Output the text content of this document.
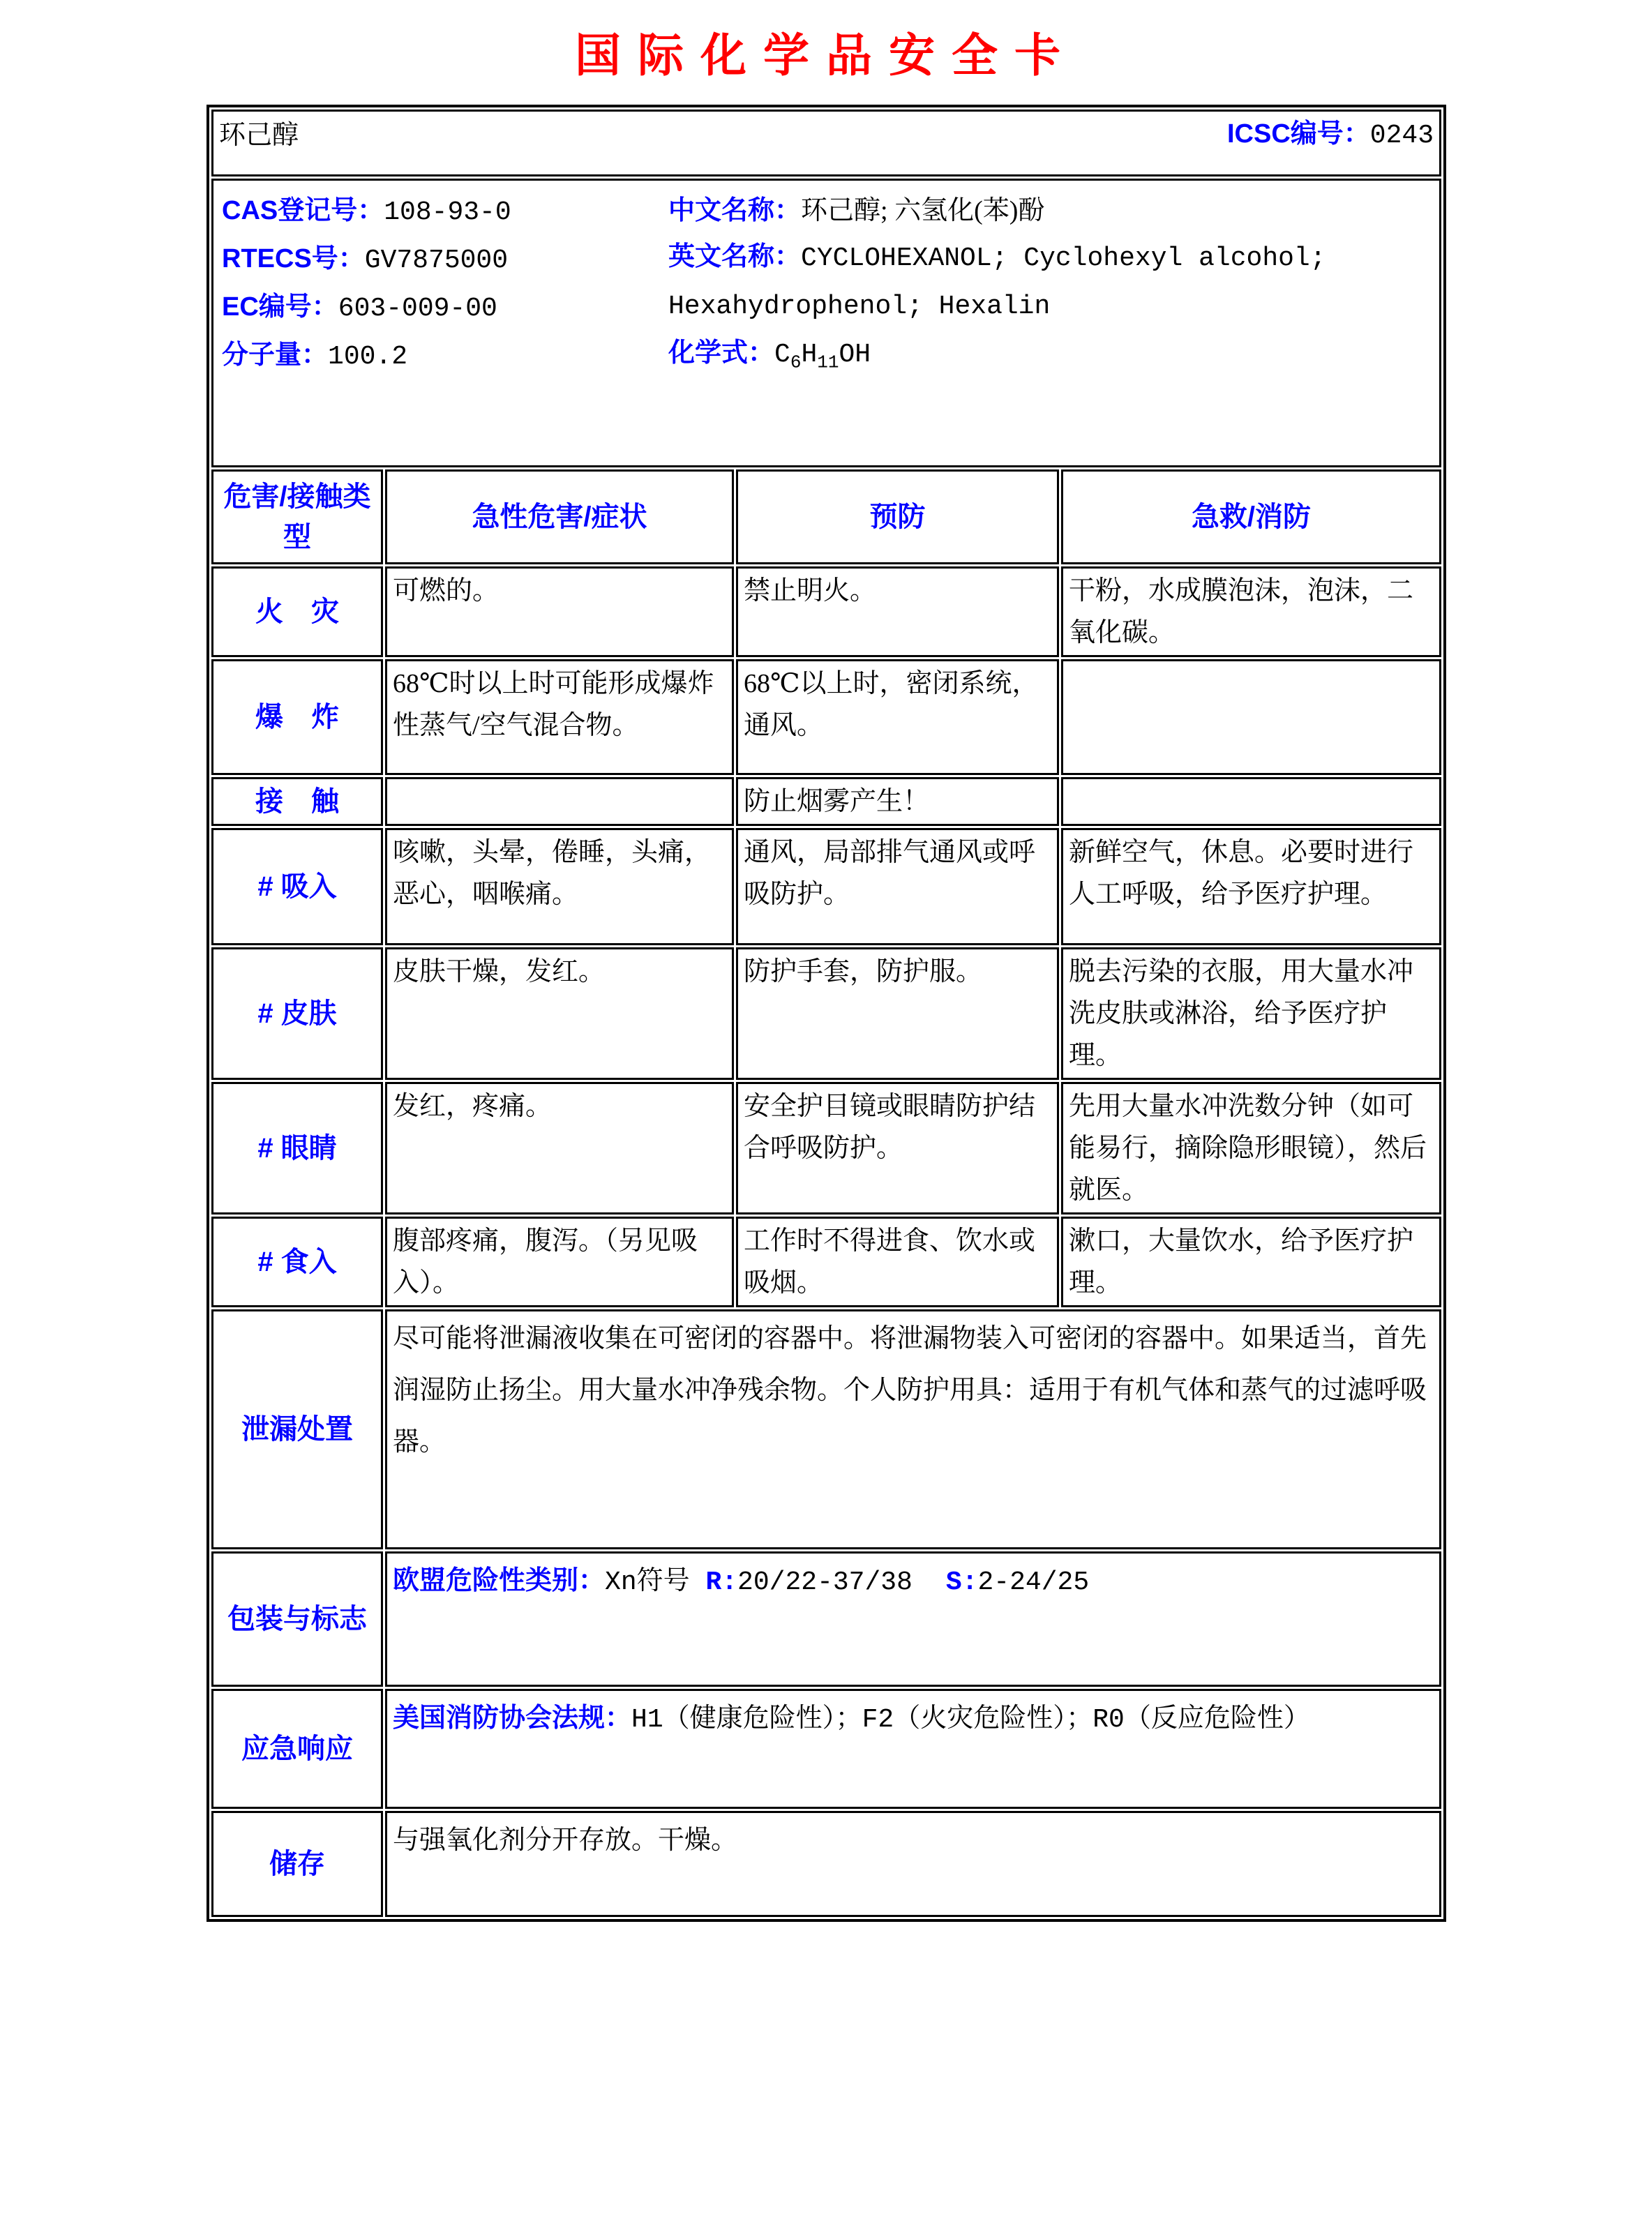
国际化学品安全卡
环己醇 ICSC编号：0243			

CAS登记号：108-93-0

RTECS号：GV7875000

EC编号：603-009-00

分子量：100.2

中文名称：环己醇; 六氢化(苯)酚

英文名称：CYCLOHEXANOL; Cyclohexyl alcohol; Hexahydrophenol; Hexalin

化学式：$C_6H_{11}OH$

危害/接触类型	急性危害/症状	预防	急救/消防
火　灾	可燃的。	禁止明火。	干粉，水成膜泡沫，泡沫，二氧化碳。
爆　炸	68℃时以上时可能形成爆炸性蒸气/空气混合物。	68℃以上时，密闭系统，通风。	
接　触		防止烟雾产生！	
# 吸入	咳嗽，头晕，倦睡，头痛，恶心，咽喉痛。	通风，局部排气通风或呼吸防护。	新鲜空气，休息。必要时进行人工呼吸，给予医疗护理。
# 皮肤	皮肤干燥，发红。	防护手套，防护服。	脱去污染的衣服，用大量水冲洗皮肤或淋浴，给予医疗护理。
# 眼睛	发红，疼痛。	安全护目镜或眼睛防护结合呼吸防护。	先用大量水冲洗数分钟（如可能易行，摘除隐形眼镜），然后就医。
# 食入	腹部疼痛，腹泻。（另见吸入）。	工作时不得进食、饮水或吸烟。	漱口，大量饮水，给予医疗护理。
泄漏处置	尽可能将泄漏液收集在可密闭的容器中。将泄漏物装入可密闭的容器中。如果适当，首先润湿防止扬尘。用大量水冲净残余物。个人防护用具：适用于有机气体和蒸气的过滤呼吸器。		
包装与标志	欧盟危险性类别：Xn符号 R:20/22-37/38 S:2-24/25		
应急响应	美国消防协会法规：H1（健康危险性）；F2（火灾危险性）；R0（反应危险性）		
储存	与强氧化剂分开存放。干燥。		
